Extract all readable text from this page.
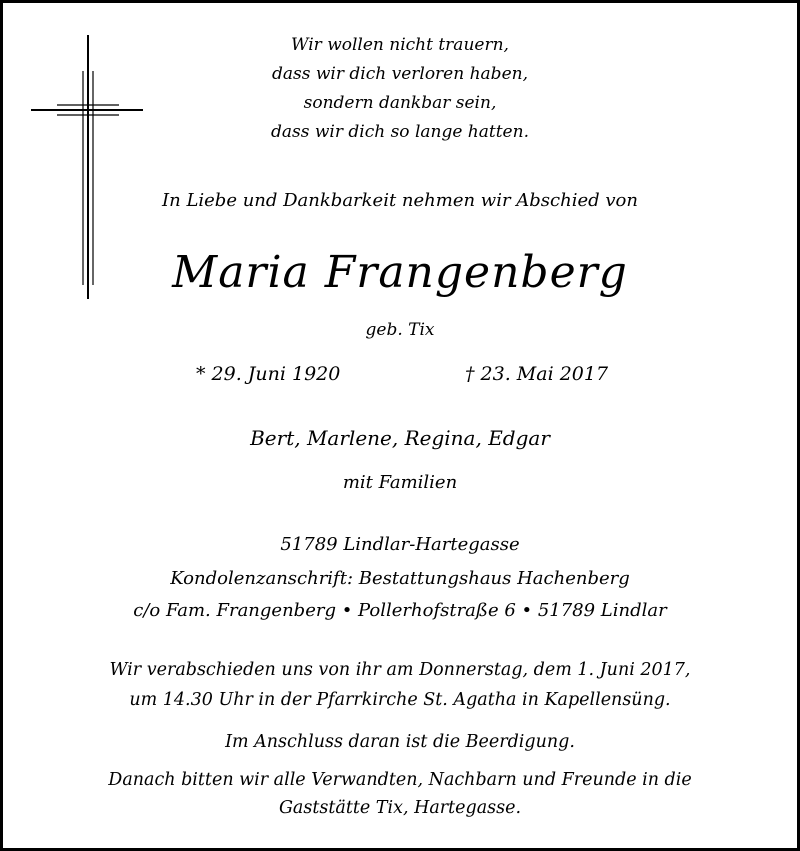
Wir wollen nicht trauern,
dass wir dich verloren haben,
sondern dankbar sein,
dass wir dich so lange hatten.
In Liebe und Dankbarkeit nehmen wir Abschied von
Maria Frangenberg
geb. Tix
* 29. Juni 1920	† 23. Mai 2017
Bert, Marlene, Regina, Edgar
mit Familien
51789 Lindlar-Hartegasse
Kondolenzanschrift: Bestattungshaus Hachenberg
c/o Fam. Frangenberg • Pollerhofstraße 6 • 51789 Lindlar
Wir verabschieden uns von ihr am Donnerstag, dem 1. Juni 2017,
um 14.30 Uhr in der Pfarrkirche St. Agatha in Kapellensüng.
Im Anschluss daran ist die Beerdigung.
Danach bitten wir alle Verwandten, Nachbarn und Freunde in die
Gaststätte Tix, Hartegasse.
